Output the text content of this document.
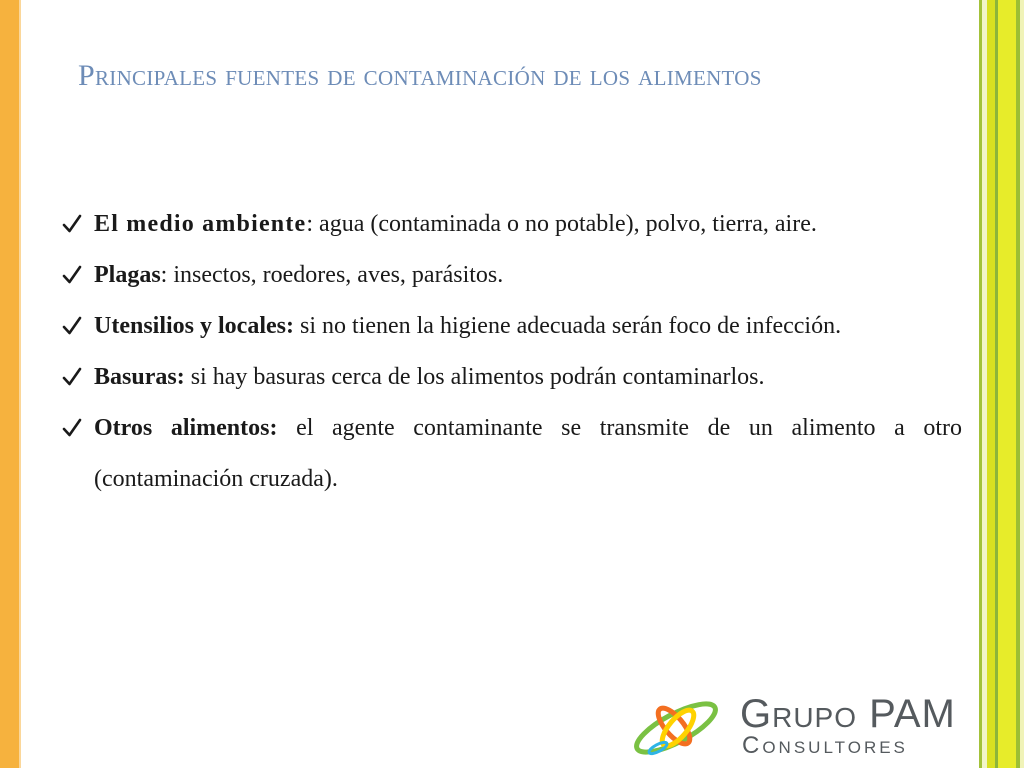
Principales fuentes de contaminación de los alimentos
El medio ambiente: agua (contaminada o no potable), polvo, tierra, aire.
Plagas: insectos, roedores, aves, parásitos.
Utensilios y locales: si no tienen la higiene adecuada serán foco de infección.
Basuras: si hay basuras cerca de los alimentos podrán contaminarlos.
Otros alimentos: el agente contaminante se transmite de un alimento a otro (contaminación cruzada).
Grupo PAM
Consultores
